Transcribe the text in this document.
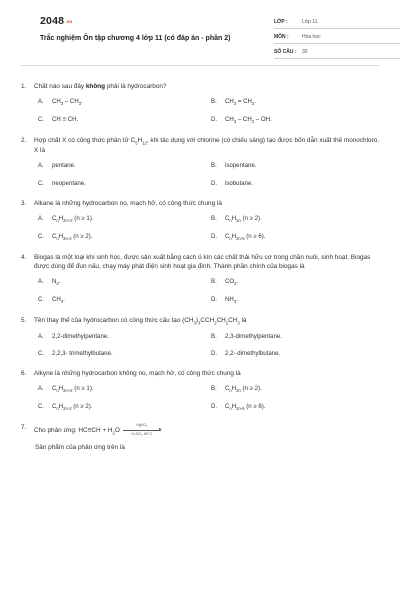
$2048_{.vn}$
Trắc nghiệm Ôn tập chương 4 lớp 11 (có đáp án - phần 2)
LỚP :	Lớp 11
MÔN :	Hóa học
SỐ CÂU :	30
1.	Chất nào sau đây không phải là hydrocarbon?
A.	$CH_3 - CH_3$.	B.	$CH_2 = CH_2$.
C.	CH ≡ CH.	D.	$CH_3 - CH_2$ – OH.
2.	Hợp chất X có công thức phân tử $C_5H_{12}$, khi tác dụng với chlorine (có chiếu sáng) tạo được bốn dẫn xuất thế monochloro. X là
A.	pentane.	B.	isopentane.
C.	neopentane.	D.	isobutane.
3.	Alkane là những hydrocarbon no, mạch hở, có công thức chung là
A.	$C_nH_{2n+2}$ (n ≥ 1).	B.	$C_nH_{2n}$ (n ≥ 2).
C.	$C_nH_{2n-2}$ (n ≥ 2).	D.	$C_nH_{2n-6}$ (n ≥ 6).
4.	Biogas là một loại khí sinh học, được sản xuất bằng cách ủ kín các chất thải hữu cơ trong chăn nuôi, sinh hoạt. Biogas được dùng để đun nấu, chạy máy phát điện sinh hoạt gia đình. Thành phần chính của biogas là
A.	$N_2$.	B.	$CO_2$.
C.	$CH_4$.	D.	$NH_3$.
5.	Tên thay thế của hydrocarbon có công thức cấu tạo $(CH_3)_3CCH_2CH_2CH_3$ là
A.	2,2-dimethylpentane.	B.	2,3-dimethylpentane.
C.	2,2,3- trimethylbutane.	D.	2,2- dimethylbutane.
6.	Alkyne là những hydrocarbon không no, mạch hở, có công thức chung là
A.	$C_nH_{2n+2}$ (n ≥ 1).	B.	$C_nH_{2n}$ (n ≥ 2).
C.	$C_nH_{2n-2}$ (n ≥ 2).	D.	$C_nH_{2n-6}$ (n ≥ 6).
7.	Cho phản ứng: $HC\equiv CH + H_2OHgSO_4$
H₂SO₄, 80°C
Sản phẩm của phản ứng trên là
